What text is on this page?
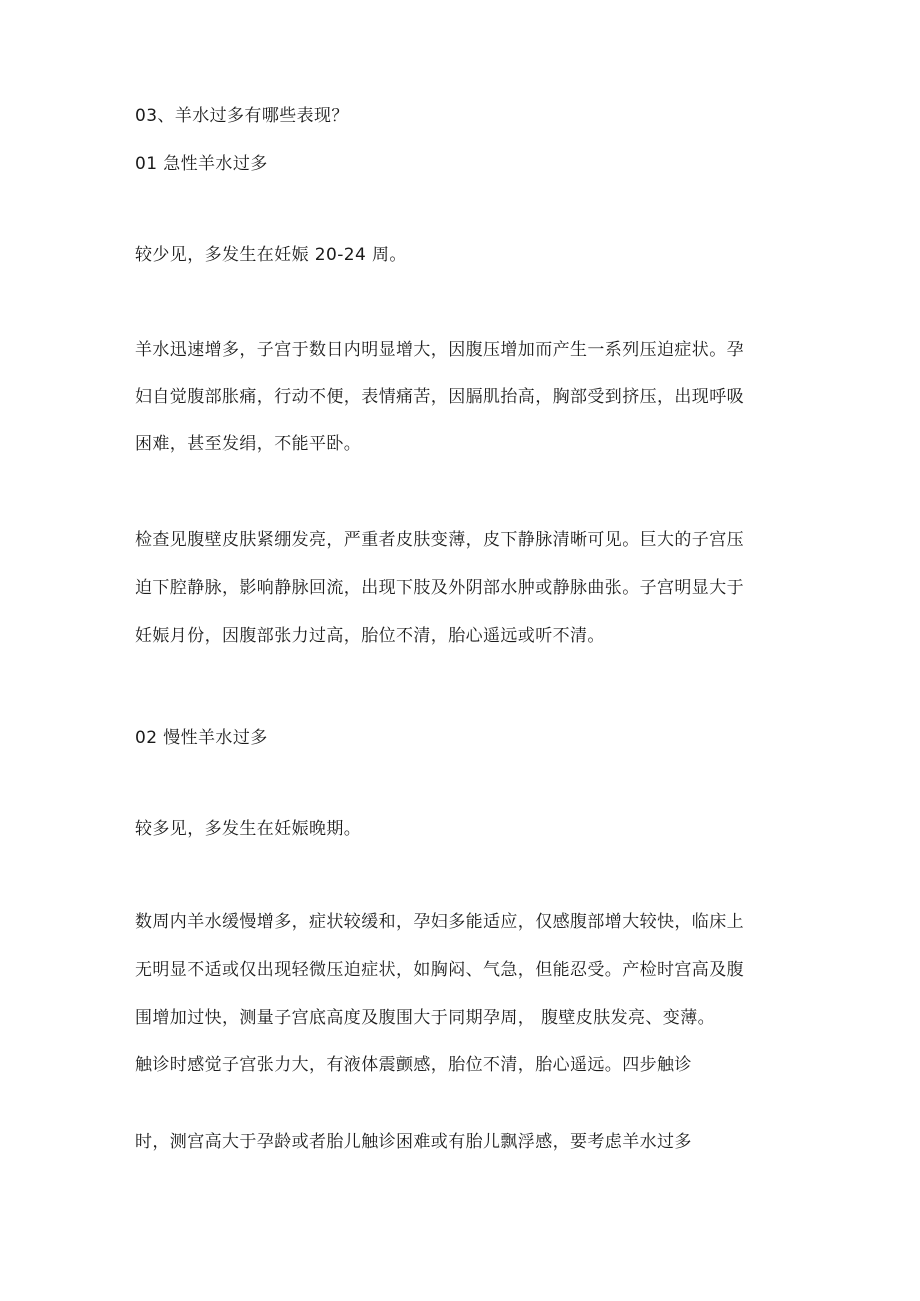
03、羊水过多有哪些表现？
01 急性羊水过多
较少见，多发生在妊娠 20-24 周。
羊水迅速增多，子宫于数日内明显增大，因腹压增加而产生一系列压迫症状。孕
妇自觉腹部胀痛，行动不便，表情痛苦，因膈肌抬高，胸部受到挤压，出现呼吸
困难，甚至发绢，不能平卧。
检查见腹壁皮肤紧绷发亮，严重者皮肤变薄，皮下静脉清晰可见。巨大的子宫压
迫下腔静脉，影响静脉回流，出现下肢及外阴部水肿或静脉曲张。子宫明显大于
妊娠月份，因腹部张力过高，胎位不清，胎心遥远或听不清。
02 慢性羊水过多
较多见，多发生在妊娠晚期。
数周内羊水缓慢增多，症状较缓和，孕妇多能适应，仅感腹部增大较快，临床上
无明显不适或仅出现轻微压迫症状，如胸闷、气急，但能忍受。产检时宫高及腹
围增加过快，测量子宫底高度及腹围大于同期孕周， 腹壁皮肤发亮、变薄。
触诊时感觉子宫张力大，有液体震颤感，胎位不清，胎心遥远。四步触诊
时，测宫高大于孕龄或者胎儿触诊困难或有胎儿飘浮感，要考虑羊水过多
